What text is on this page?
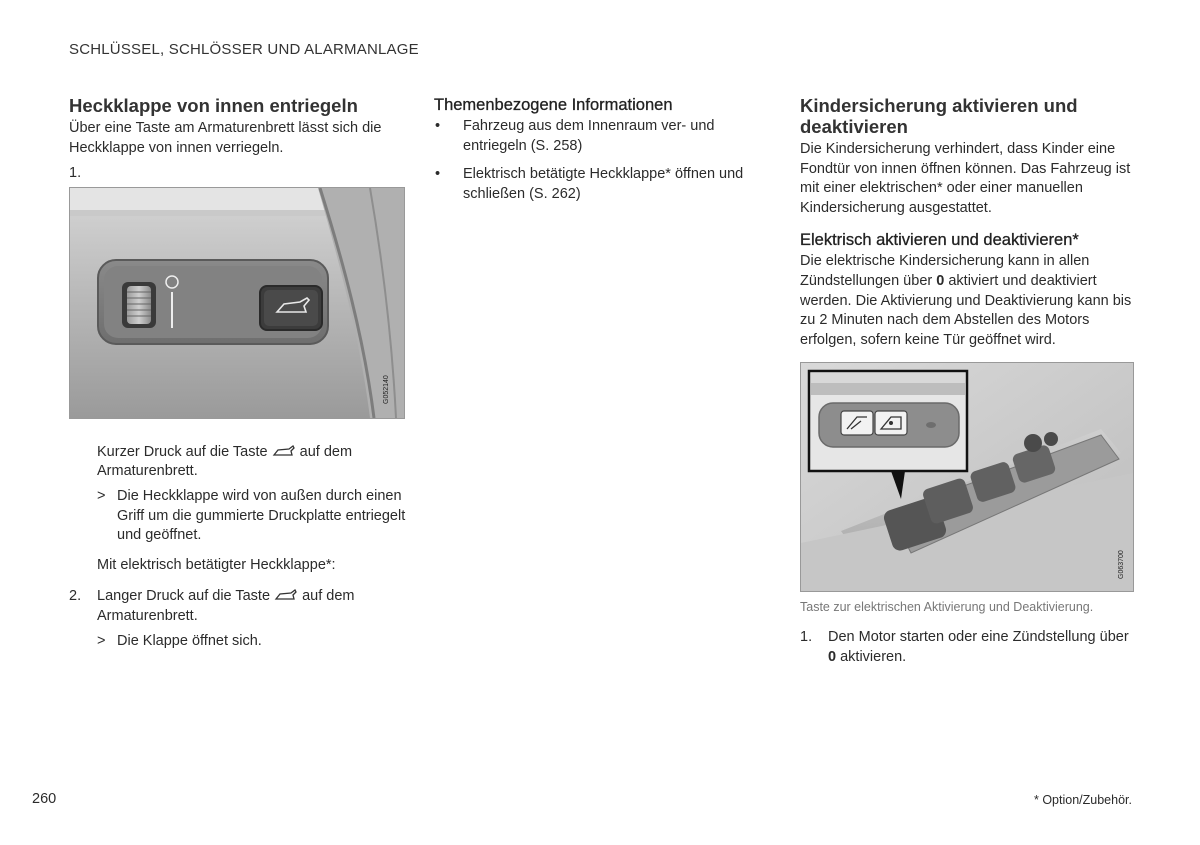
SCHLÜSSEL, SCHLÖSSER UND ALARMANLAGE
Heckklappe von innen entriegeln

Über eine Taste am Armaturenbrett lässt sich die Heckklappe von innen verriegeln.

1.

G052140

Kurzer Druck auf die Taste auf dem Armaturenbrett.

> Die Heckklappe wird von außen durch einen Griff um die gummierte Druckplatte entriegelt und geöffnet.

Mit elektrisch betätigter Heckklappe*:

2.	Langer Druck auf die Taste auf dem Armaturenbrett.
> Die Klappe öffnet sich.
Themenbezogene Informationen
•	Fahrzeug aus dem Innenraum ver- und entriegeln (S. 258)
•	Elektrisch betätigte Heckklappe* öffnen und schließen (S. 262)
Kindersicherung aktivieren und deaktivieren

Die Kindersicherung verhindert, dass Kinder eine Fondtür von innen öffnen können. Das Fahrzeug ist mit einer elektrischen* oder einer manuellen Kindersicherung ausgestattet.

Elektrisch aktivieren und deaktivieren*

Die elektrische Kindersicherung kann in allen Zündstellungen über 0 aktiviert und deaktiviert werden. Die Aktivierung und Deaktivierung kann bis zu 2 Minuten nach dem Abstellen des Motors erfolgen, sofern keine Tür geöffnet wird.

G063700

Taste zur elektrischen Aktivierung und Deaktivierung.

1.	Den Motor starten oder eine Zündstellung über 0 aktivieren.
260	* Option/Zubehör.
